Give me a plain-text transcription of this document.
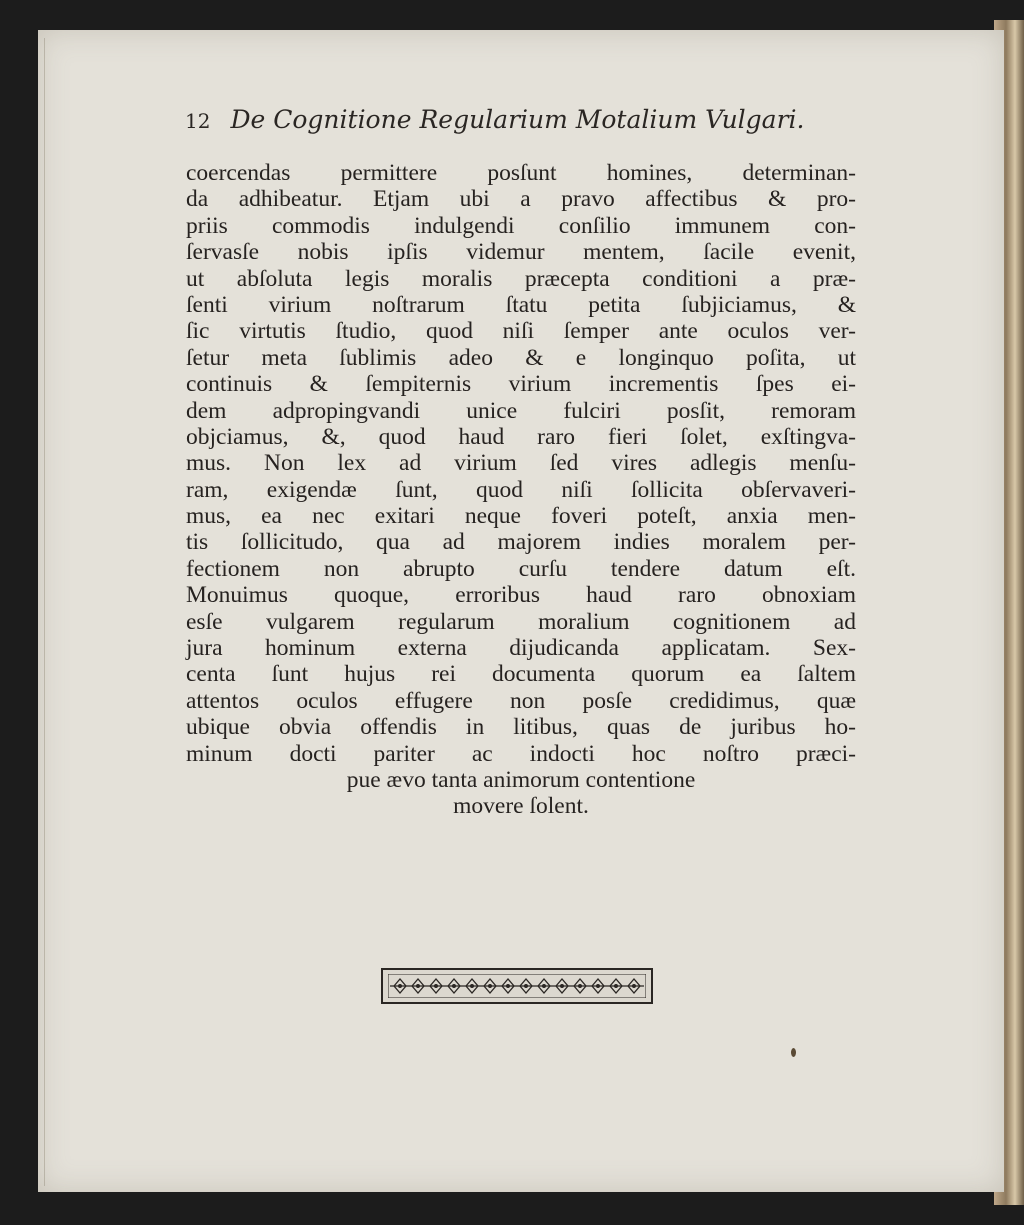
12 De Cognitione Regularium Motalium Vulgari.
coercendas permittere posſunt homines, determinan-
da adhibeatur. Etjam ubi a pravo affectibus & pro-
priis commodis indulgendi conſilio immunem con-
ſervasſe nobis ipſis videmur mentem, ſacile evenit,
ut abſoluta legis moralis præcepta conditioni a præ-
ſenti virium noſtrarum ſtatu petita ſubjiciamus, &
ſic virtutis ſtudio, quod niſi ſemper ante oculos ver-
ſetur meta ſublimis adeo & e longinquo poſita, ut
continuis & ſempiternis virium incrementis ſpes ei-
dem adpropingvandi unice fulciri posſit, remoram
objciamus, &, quod haud raro fieri ſolet, exſtingva-
mus. Non lex ad virium ſed vires adlegis menſu-
ram, exigendæ ſunt, quod niſi ſollicita obſervaveri-
mus, ea nec exitari neque foveri poteſt, anxia men-
tis ſollicitudo, qua ad majorem indies moralem per-
fectionem non abrupto curſu tendere datum eſt.
Monuimus quoque, erroribus haud raro obnoxiam
esſe vulgarem regularum moralium cognitionem ad
jura hominum externa dijudicanda applicatam. Sex-
centa ſunt hujus rei documenta quorum ea ſaltem
attentos oculos effugere non posſe credidimus, quæ
ubique obvia offendis in litibus, quas de juribus ho-
minum docti pariter ac indocti hoc noſtro præci-
pue ævo tanta animorum contentione
movere ſolent.
